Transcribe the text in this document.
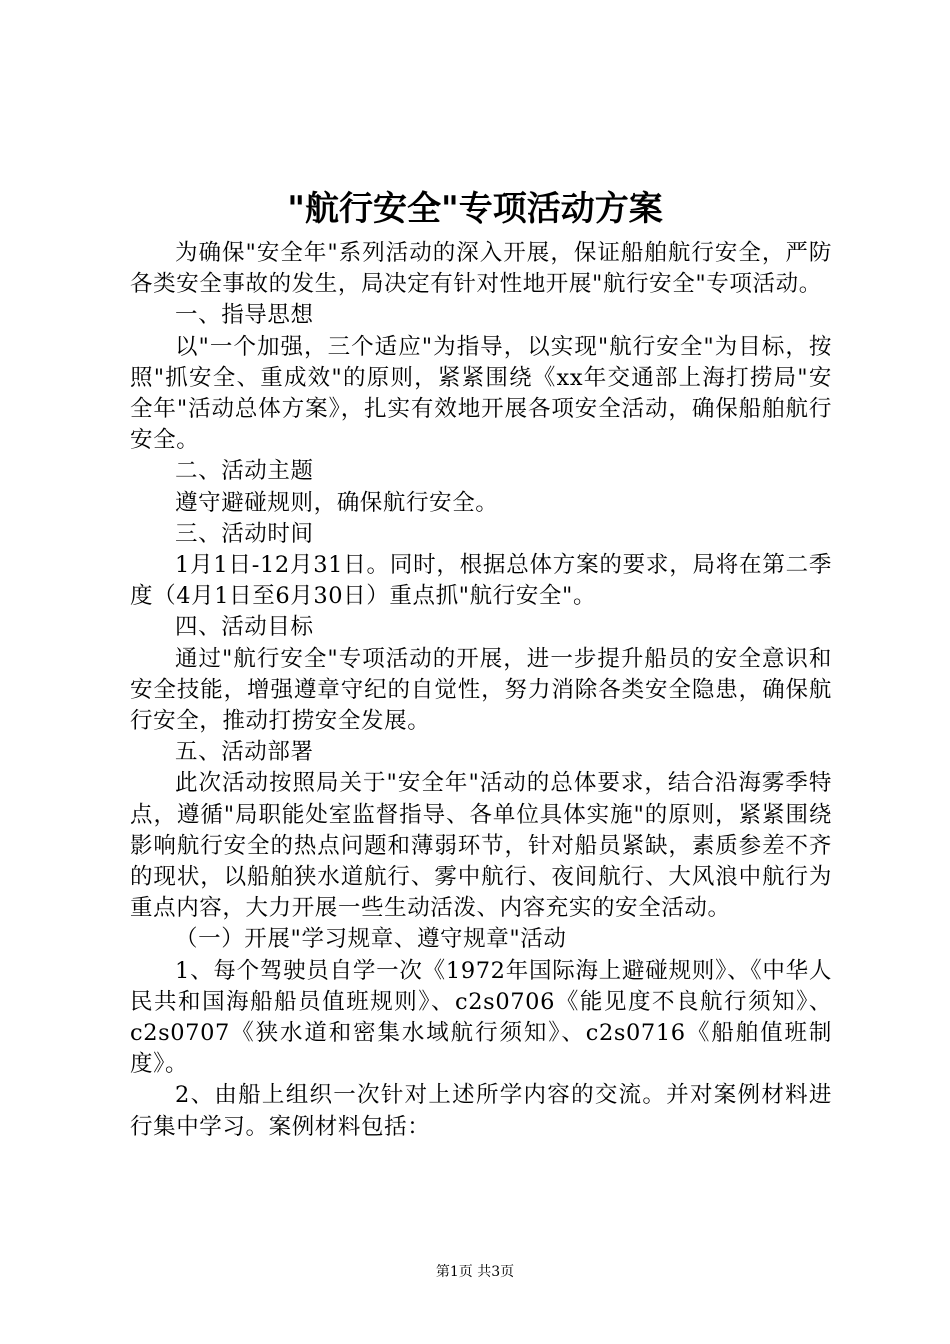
"航行安全"专项活动方案

为确保"安全年"系列活动的深入开展，保证船舶航行安全，严防各类安全事故的发生，局决定有针对性地开展"航行安全"专项活动。

一、指导思想

以"一个加强，三个适应"为指导，以实现"航行安全"为目标，按照"抓安全、重成效"的原则，紧紧围绕《xx年交通部上海打捞局"安全年"活动总体方案》，扎实有效地开展各项安全活动，确保船舶航行安全。

二、活动主题

遵守避碰规则，确保航行安全。

三、活动时间

1月1日-12月31日。同时，根据总体方案的要求，局将在第二季度（4月1日至6月30日）重点抓"航行安全"。

四、活动目标

通过"航行安全"专项活动的开展，进一步提升船员的安全意识和安全技能，增强遵章守纪的自觉性，努力消除各类安全隐患，确保航行安全，推动打捞安全发展。

五、活动部署

此次活动按照局关于"安全年"活动的总体要求，结合沿海雾季特点，遵循"局职能处室监督指导、各单位具体实施"的原则，紧紧围绕影响航行安全的热点问题和薄弱环节，针对船员紧缺，素质参差不齐的现状，以船舶狭水道航行、雾中航行、夜间航行、大风浪中航行为重点内容，大力开展一些生动活泼、内容充实的安全活动。

（一）开展"学习规章、遵守规章"活动

1、每个驾驶员自学一次《1972年国际海上避碰规则》、《中华人民共和国海船船员值班规则》、c2s0706《能见度不良航行须知》、c2s0707《狭水道和密集水域航行须知》、c2s0716《船舶值班制度》。

2、由船上组织一次针对上述所学内容的交流。并对案例材料进行集中学习。案例材料包括：

第1页 共3页
